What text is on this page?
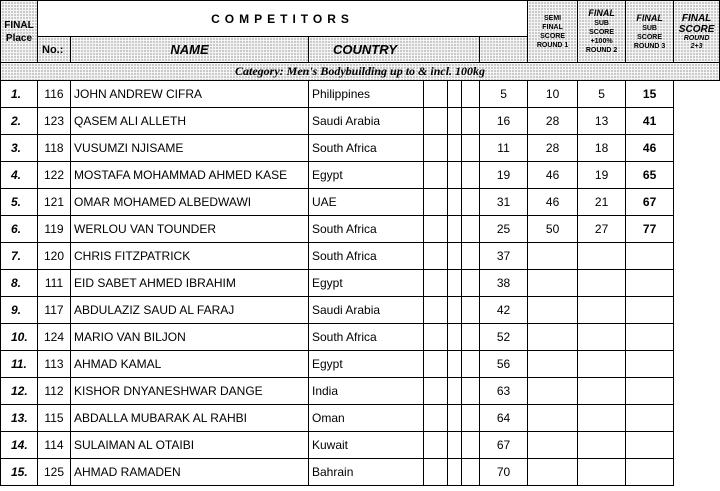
FINAL
Place	COMPETITORS							SEMI
FINAL
SCORE
ROUND 1	FINAL
SUB
SCORE
+100%
ROUND 2	FINAL
SUB
SCORE
ROUND 3	FINAL
SCORE
ROUND
2+3

	No.:	NAME	COUNTRY								
Category: Men's Bodybuilding up to & incl. 100kg											
1.	116	JOHN ANDREW CIFRA	Philippines				5	10	5	15	
2.	123	QASEM ALI ALLETH	Saudi Arabia				16	28	13	41	
3.	118	VUSUMZI NJISAME	South Africa				11	28	18	46	
4.	122	MOSTAFA MOHAMMAD AHMED KASE	Egypt				19	46	19	65	
5.	121	OMAR MOHAMED ALBEDWAWI	UAE				31	46	21	67	
6.	119	WERLOU VAN TOUNDER	South Africa				25	50	27	77	
7.	120	CHRIS FITZPATRICK	South Africa				37				
8.	111	EID SABET AHMED IBRAHIM	Egypt				38				
9.	117	ABDULAZIZ SAUD AL FARAJ	Saudi Arabia				42				
10.	124	MARIO VAN BILJON	South Africa				52				
11.	113	AHMAD KAMAL	Egypt				56				
12.	112	KISHOR DNYANESHWAR DANGE	India				63				
13.	115	ABDALLA MUBARAK AL RAHBI	Oman				64				
14.	114	SULAIMAN AL OTAIBI	Kuwait				67				
15.	125	AHMAD RAMADEN	Bahrain				70				
